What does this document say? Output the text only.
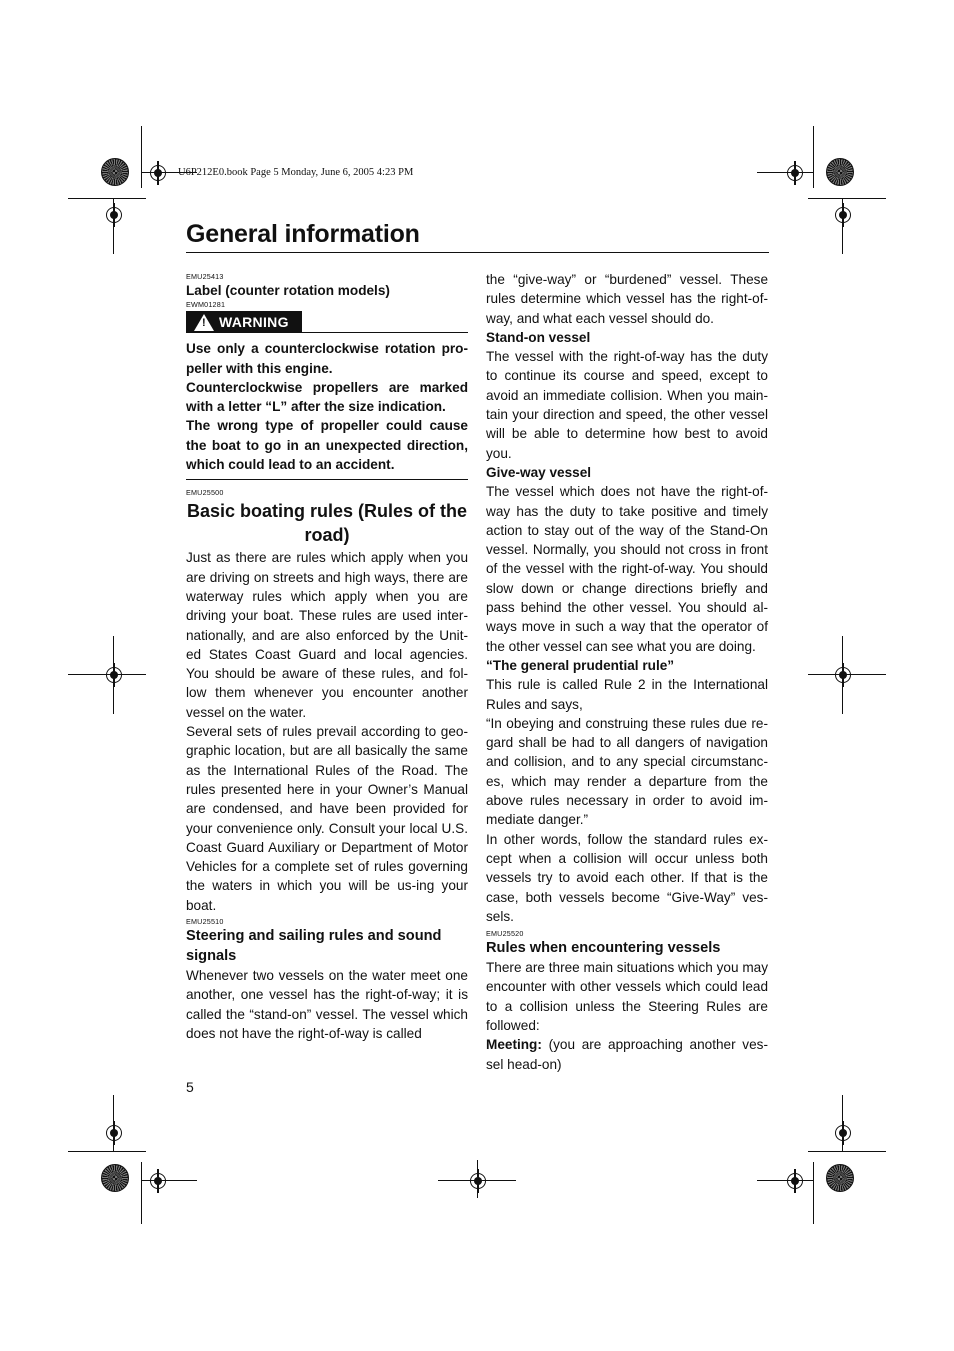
U6P212E0.book Page 5 Monday, June 6, 2005 4:23 PM
General information
EMU25413
Label (counter rotation models)
EWM01281
! WARNING

Use only a counterclockwise rotation pro-peller with this engine.

Counterclockwise propellers are marked with a letter “L” after the size indication.

The wrong type of propeller could cause the boat to go in an unexpected direction, which could lead to an accident.

EMU25500
Basic boating rules (Rules of the road)

Just as there are rules which apply when you are driving on streets and high ways, there are waterway rules which apply when you are driving your boat. These rules are used inter-nationally, and are also enforced by the Unit-ed States Coast Guard and local agencies. You should be aware of these rules, and fol-low them whenever you encounter another vessel on the water.

Several sets of rules prevail according to geo-graphic location, but are all basically the same as the International Rules of the Road. The rules presented here in your Owner’s Manual are condensed, and have been provided for your convenience only. Consult your local U.S. Coast Guard Auxiliary or Department of Motor Vehicles for a complete set of rules governing the waters in which you will be us-ing your boat.

EMU25510
Steering and sailing rules and sound signals

Whenever two vessels on the water meet one another, one vessel has the right-of-way; it is called the “stand-on” vessel. The vessel which does not have the right-of-way is called

the “give-way” or “burdened” vessel. These rules determine which vessel has the right-of-way, and what each vessel should do.

Stand-on vessel

The vessel with the right-of-way has the duty to continue its course and speed, except to avoid an immediate collision. When you main-tain your direction and speed, the other vessel will be able to determine how best to avoid you.

Give-way vessel

The vessel which does not have the right-of-way has the duty to take positive and timely action to stay out of the way of the Stand-On vessel. Normally, you should not cross in front of the vessel with the right-of-way. You should slow down or change directions briefly and pass behind the other vessel. You should al-ways move in such a way that the operator of the other vessel can see what you are doing.

“The general prudential rule”

This rule is called Rule 2 in the International Rules and says,

“In obeying and construing these rules due re-gard shall be had to all dangers of navigation and collision, and to any special circumstanc-es, which may render a departure from the above rules necessary in order to avoid im-mediate danger.”

In other words, follow the standard rules ex-cept when a collision will occur unless both vessels try to avoid each other. If that is the case, both vessels become “Give-Way” ves-sels.

EMU25520
Rules when encountering vessels

There are three main situations which you may encounter with other vessels which could lead to a collision unless the Steering Rules are followed:

Meeting: (you are approaching another ves-sel head-on)

5
